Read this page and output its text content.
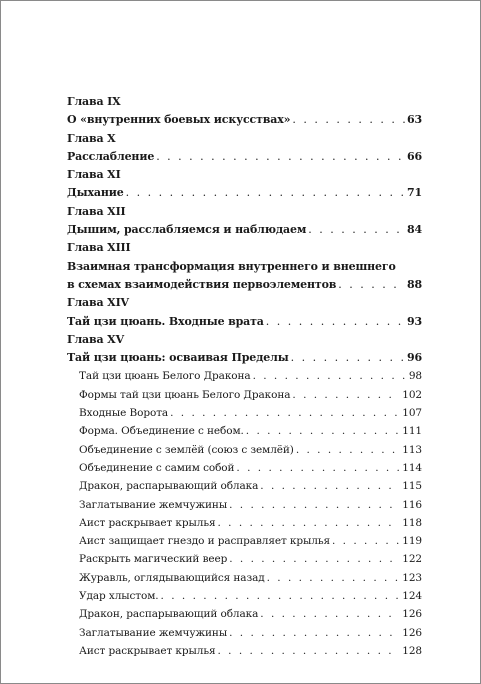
Глава IX
О «внутренних боевых искусствах» . . .	63
Глава X
Расслабление . . .	66
Глава XI
Дыхание . . .	71
Глава XII
Дышим, расслабляемся и наблюдаем . . .	84
Глава XIII
Взаимная трансформация внутреннего и внешнего
в схемах взаимодействия первоэлементов . . .	88
Глава XIV
Тай цзи цюань. Входные врата . . .	93
Глава XV
Тай цзи цюань: осваивая Пределы . . .	96
Тай цзи цюань Белого Дракона . . .	98
Формы тай цзи цюань Белого Дракона . . .	102
Входные Ворота . . .	107
Форма. Объединение с небом. . . .	111
Объединение с землёй (союз с землёй) . . .	113
Объединение с самим собой . . .	114
Дракон, распарывающий облака . . .	115
Заглатывание жемчужины . . .	116
Аист раскрывает крылья . . .	118
Аист защищает гнездо и расправляет крылья . . .	119
Раскрыть магический веер . . .	122
Журавль, оглядывающийся назад . . .	123
Удар хлыстом. . . .	124
Дракон, распарывающий облака . . .	126
Заглатывание жемчужины . . .	126
Аист раскрывает крылья . . .	128
